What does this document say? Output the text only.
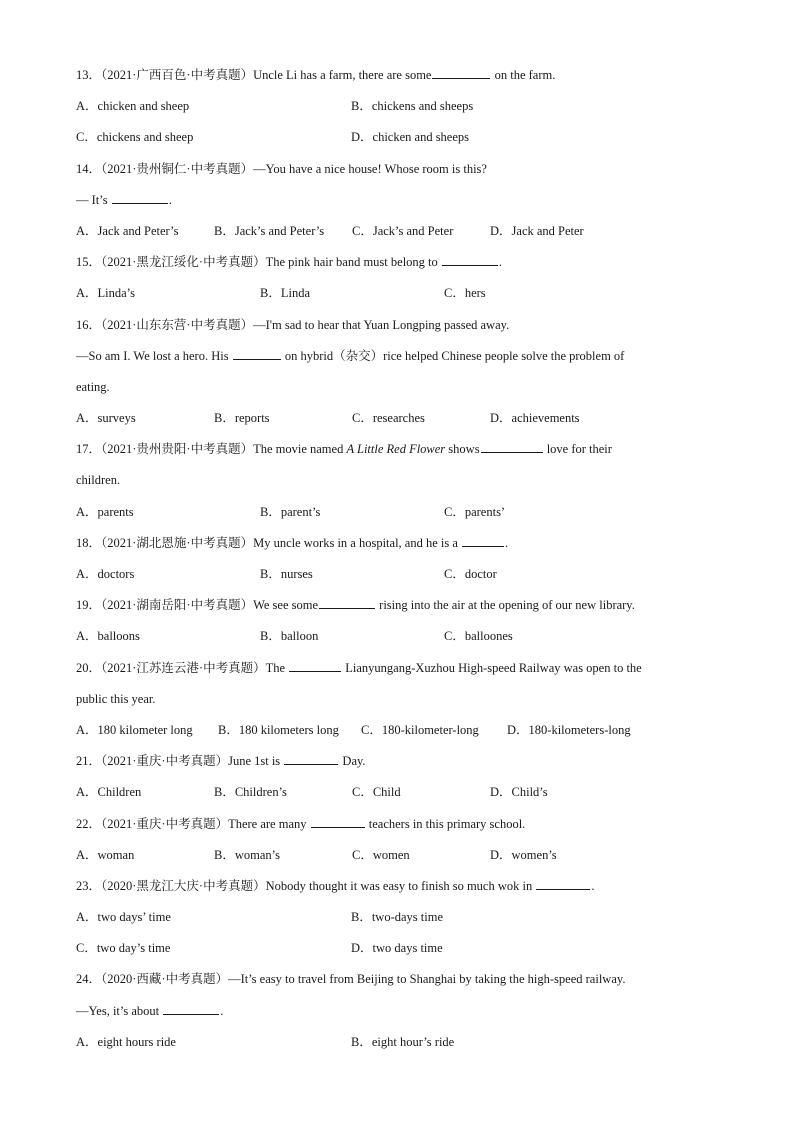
13．（2021·广西百色·中考真题）Uncle Li has a farm, there are some	on the farm.
A．chicken and sheep	B．chickens and sheeps
C．chickens and sheep	D．chicken and sheeps
14．（2021·贵州铜仁·中考真题）—You have a nice house! Whose room is this?
— It’s	.
A．Jack and Peter’s	B．Jack’s and Peter’s	C．Jack’s and Peter	D．Jack and Peter
15．（2021·黑龙江绥化·中考真题）The pink hair band must belong to	.
A．Linda’s	B．Linda	C．hers
16．（2021·山东东营·中考真题）—I'm sad to hear that Yuan Longping passed away.
—So am I. We lost a hero. His	on hybrid（杂交）rice helped Chinese people solve the problem of
eating.
A．surveys	B．reports	C．researches	D．achievements
17．（2021·贵州贵阳·中考真题）The movie named A Little Red Flower shows	love for their
children.
A．parents	B．parent’s	C．parents’
18．（2021·湖北恩施·中考真题）My uncle works in a hospital, and he is a	.
A．doctors	B．nurses	C．doctor
19．（2021·湖南岳阳·中考真题）We see some	rising into the air at the opening of our new library.
A．balloons	B．balloon	C．balloones
20．（2021·江苏连云港·中考真题）The	Lianyungang-Xuzhou High-speed Railway was open to the
public this year.
A．180 kilometer long	B．180 kilometers long	C．180-kilometer-long	D．180-kilometers-long
21．（2021·重庆·中考真题）June 1st is	Day.
A．Children	B．Children’s	C．Child	D．Child’s
22．（2021·重庆·中考真题）There are many	teachers in this primary school.
A．woman	B．woman’s	C．women	D．women’s
23．（2020·黑龙江大庆·中考真题）Nobody thought it was easy to finish so much wok in	.
A．two days’ time	B．two-days time
C．two day’s time	D．two days time
24．（2020·西藏·中考真题）—It’s easy to travel from Beijing to Shanghai by taking the high-speed railway.
—Yes, it’s about	.
A．eight hours ride	B．eight hour’s ride
